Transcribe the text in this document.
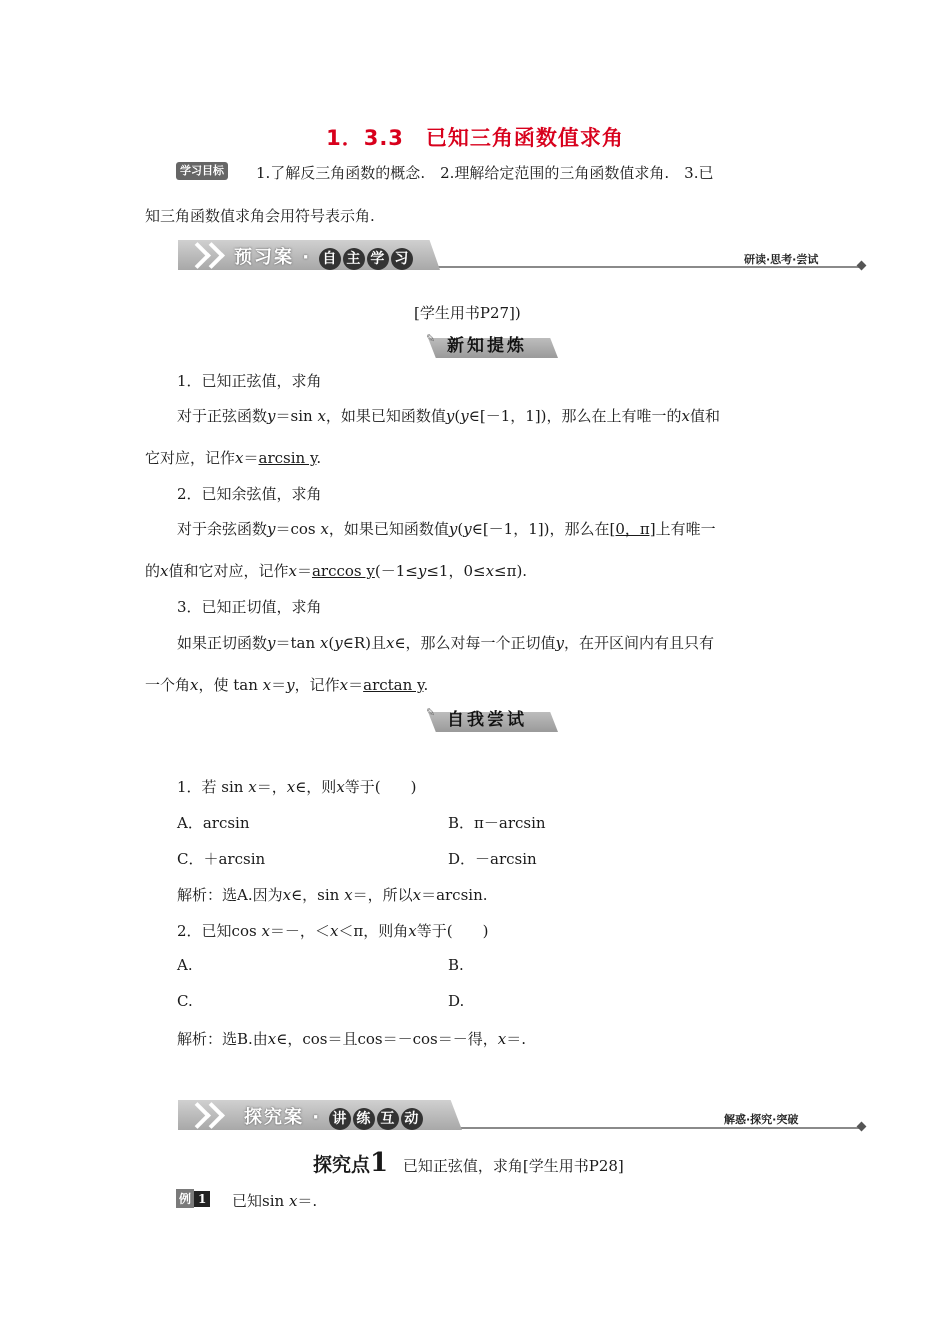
1．3.3　已知三角函数值求角
学习目标 1.了解反三角函数的概念.　2.理解给定范围的三角函数值求角.　3.已
知三角函数值求角会用符号表示角.
预习案 · 自 主 学 习	研读·思考·尝试
[学生用书P27])
✎ 新知提炼
1．已知正弦值，求角
对于正弦函数y＝sin x，如果已知函数值y(y∈[－1，1])，那么在上有唯一的x值和
它对应，记作x＝arcsin y.
2．已知余弦值，求角
对于余弦函数y＝cos x，如果已知函数值y(y∈[－1，1])，那么在[0，π]上有唯一
的x值和它对应，记作x＝arccos y(－1≤y≤1，0≤x≤π).
3．已知正切值，求角
如果正切函数y＝tan x(y∈R)且x∈，那么对每一个正切值y，在开区间内有且只有
一个角x，使 tan x＝y，记作x＝arctan y.
✎ 自我尝试
1．若 sin x＝，x∈，则x等于(　　)
A．arcsin	B．π－arcsin
C．＋arcsin	D．－arcsin
解析：选A.因为x∈，sin x＝，所以x＝arcsin.
2．已知cos x＝－，＜x＜π，则角x等于(　　)
A.	B.
C.	D.
解析：选B.由x∈，cos＝且cos＝－cos＝－得，x＝.
探究案 · 讲 练 互 动	解惑·探究·突破
探究点1 已知正弦值，求角[学生用书P28]
例 1 已知sin x＝.
